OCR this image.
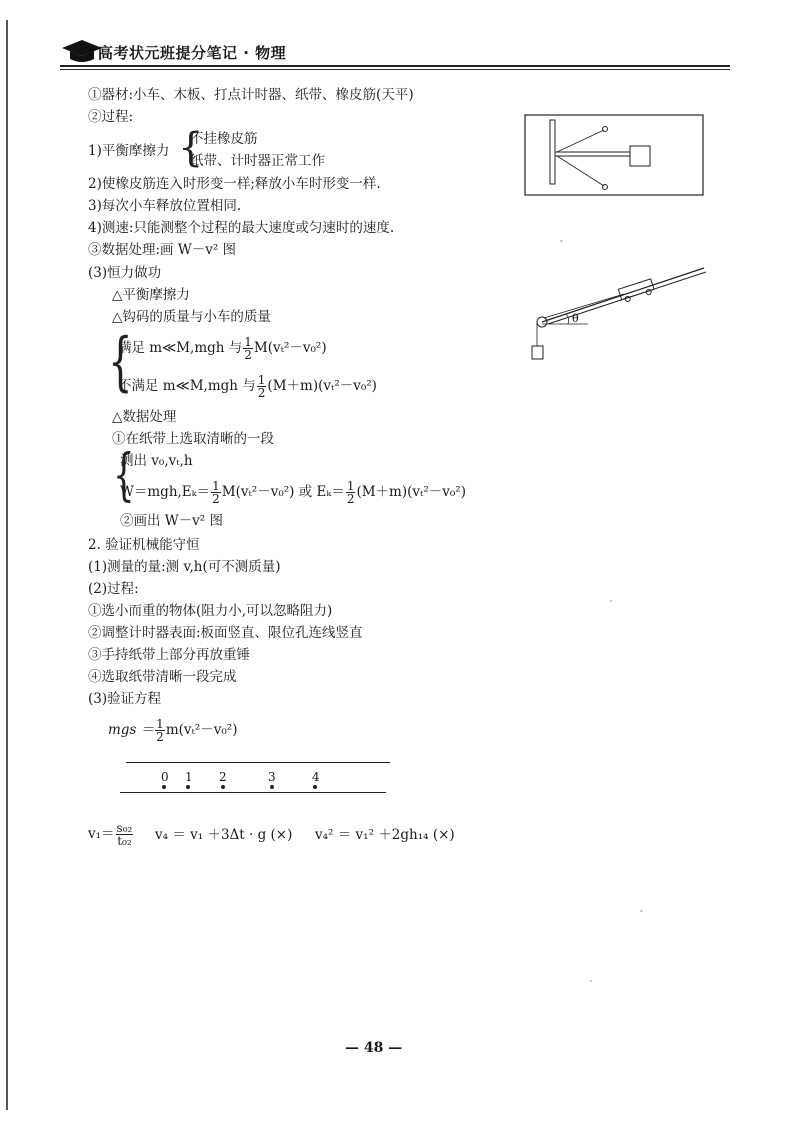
高考状元班提分笔记 · 物理
①器材:小车、木板、打点计时器、纸带、橡皮筋(天平)
②过程:
1)平衡摩擦力 {
不挂橡皮筋
纸带、计时器正常工作
2)使橡皮筋连入时形变一样;释放小车时形变一样.
3)每次小车释放位置相同.
4)测速:只能测整个过程的最大速度或匀速时的速度.
③数据处理:画 W－v² 图
(3)恒力做功
△平衡摩擦力
△钩码的质量与小车的质量
{
满足 m≪M,mgh 与 $\frac{1}{2} M(v_t^2-v_0^2)$
不满足 m≪M,mgh 与 $\frac{1}{2} (M+m)(v_t^2-v_0^2)$
△数据处理
①在纸带上选取清晰的一段
{
测出 v₀,vₜ,h
$W=mgh,E_k= \frac{1}{2} M(v_t^2-v_0^2)$ 或 $E_k= \frac{1}{2} (M+m)(v_t^2-v_0^2)$
②画出 W－v² 图
2. 验证机械能守恒
(1)测量的量:测 v,h(可不测质量)
(2)过程:
①选小而重的物体(阻力小,可以忽略阻力)
②调整计时器表面:板面竖直、限位孔连线竖直
③手持纸带上部分再放重锤
④选取纸带清晰一段完成
(3)验证方程
mgs ＝ $\frac{1}{2} m(v_t^2-v_0^2)$
0 1 2	3	4
$v_1= \frac{\text{s₀₂}}{\text{t₀₂}} v_4 = v_1 +3\Delta t \cdot g$ (×) v₄² ＝ v₁² ＋2gh₁₄ (×)
θ
— 48 —
